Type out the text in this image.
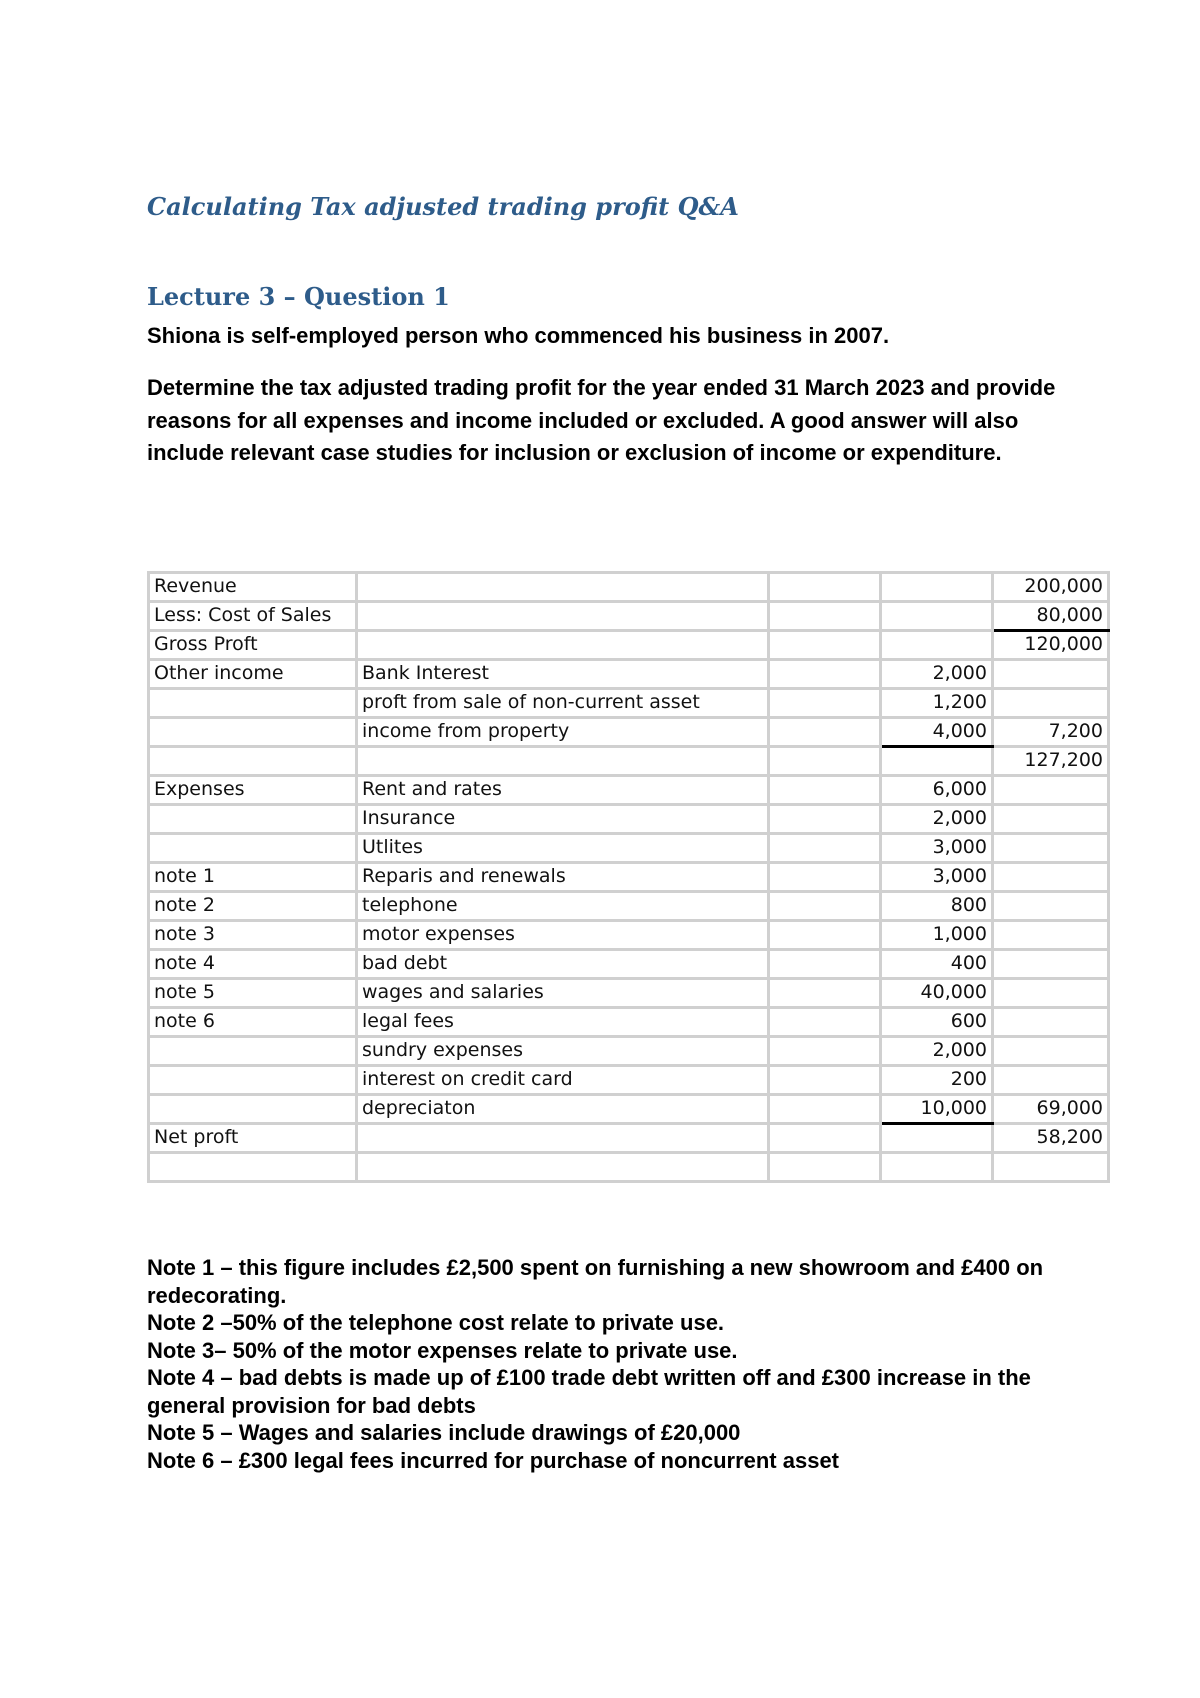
Calculating Tax adjusted trading profit Q&A
Lecture 3 – Question 1

Shiona is self-employed person who commenced his business in 2007.

Determine the tax adjusted trading profit for the year ended 31 March 2023 and provide reasons for all expenses and income included or excluded. A good answer will also include relevant case studies for inclusion or exclusion of income or expenditure.

Revenue				200,000
Less: Cost of Sales				80,000
Gross Proft				120,000
Other income	Bank Interest		2,000	
	proft from sale of non-current asset		1,200	
	income from property		4,000	7,200
				127,200
Expenses	Rent and rates		6,000	
	Insurance		2,000	
	Utlites		3,000	
note 1	Reparis and renewals		3,000	
note 2	telephone		800	
note 3	motor expenses		1,000	
note 4	bad debt		400	
note 5	wages and salaries		40,000	
note 6	legal fees		600	
	sundry expenses		2,000	
	interest on credit card		200	
	depreciaton		10,000	69,000
Net proft				58,200

Note 1 – this figure includes £2,500 spent on furnishing a new showroom and £400 on redecorating.
Note 2 –50% of the telephone cost relate to private use.
Note 3– 50% of the motor expenses relate to private use.
Note 4 – bad debts is made up of £100 trade debt written off and £300 increase in the general provision for bad debts
Note 5 – Wages and salaries include drawings of £20,000
Note 6 – £300 legal fees incurred for purchase of noncurrent asset
